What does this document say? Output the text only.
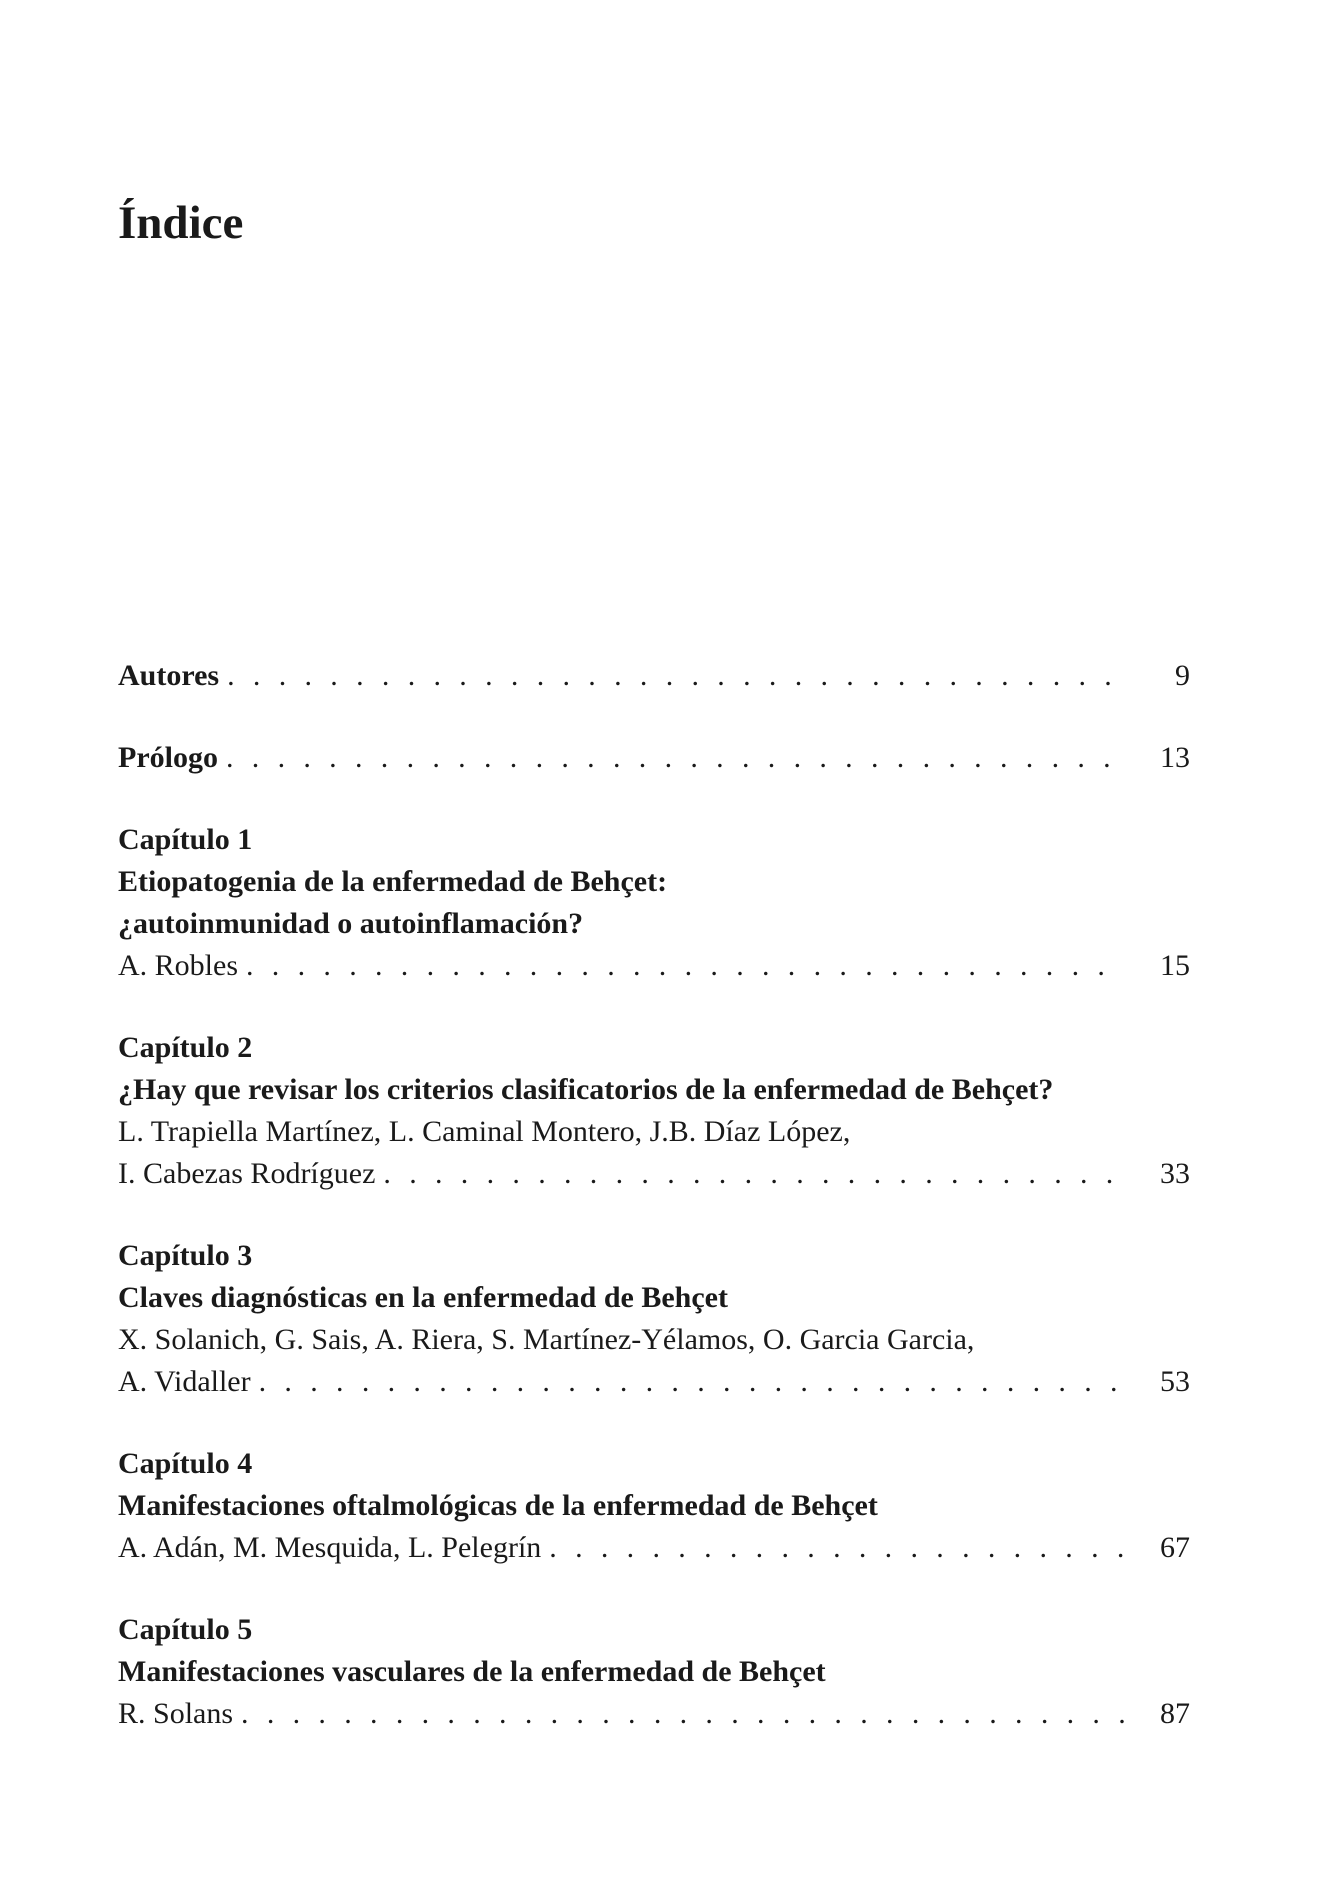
Índice
Autores . . .	9
Prólogo . . .	13
Capítulo 1
Etiopatogenia de la enfermedad de Behçet:
¿autoinmunidad o autoinflamación?
A. Robles . . .	15
Capítulo 2
¿Hay que revisar los criterios clasificatorios de la enfermedad de Behçet?
L. Trapiella Martínez, L. Caminal Montero, J.B. Díaz López,
I. Cabezas Rodríguez . . .	33
Capítulo 3
Claves diagnósticas en la enfermedad de Behçet
X. Solanich, G. Sais, A. Riera, S. Martínez-Yélamos, O. Garcia Garcia,
A. Vidaller . . .	53
Capítulo 4
Manifestaciones oftalmológicas de la enfermedad de Behçet
A. Adán, M. Mesquida, L. Pelegrín . . .	67
Capítulo 5
Manifestaciones vasculares de la enfermedad de Behçet
R. Solans . . .	87
